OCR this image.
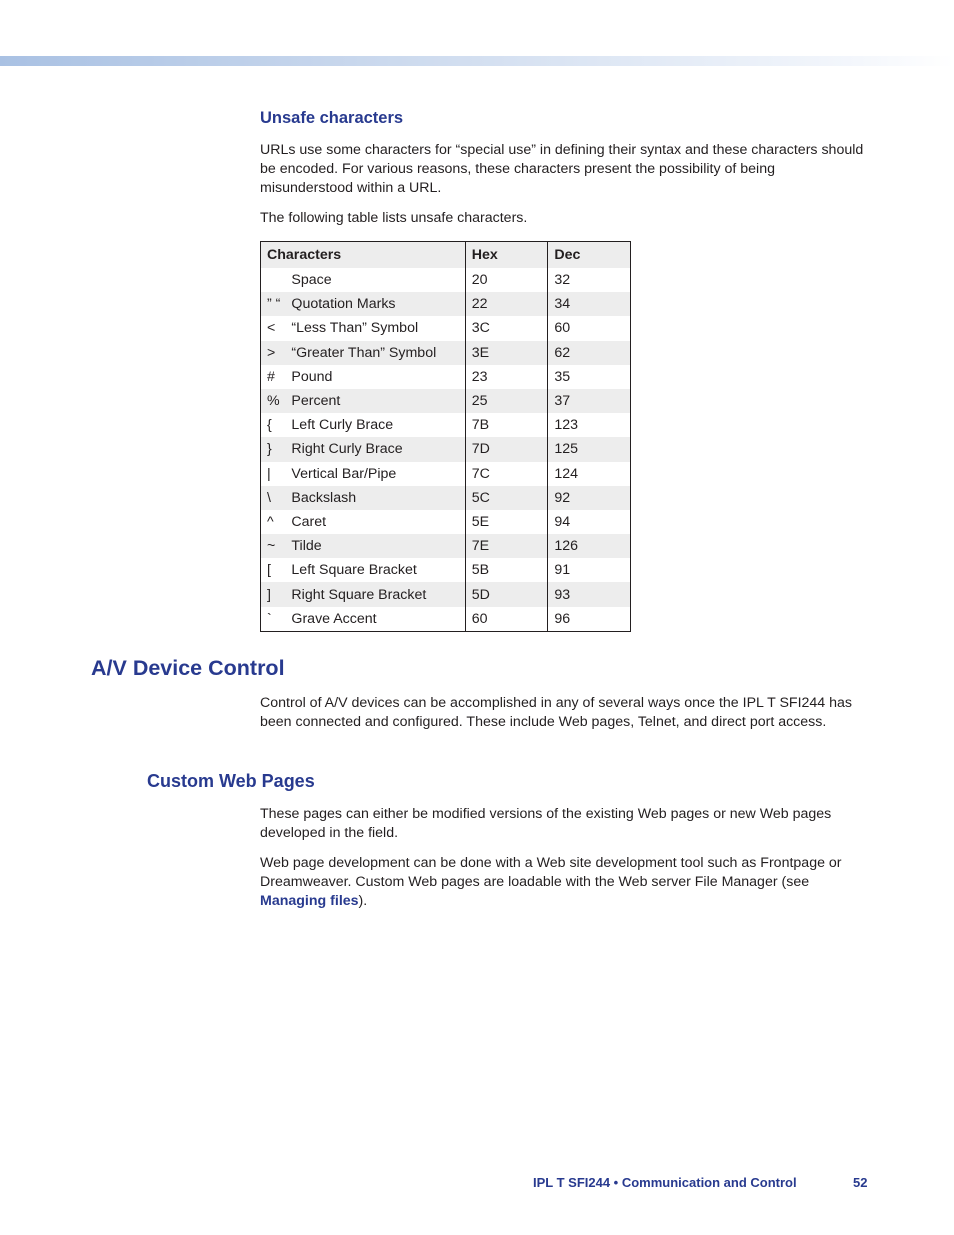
Unsafe characters

URLs use some characters for “special use” in defining their syntax and these characters should be encoded. For various reasons, these characters present the possibility of being misunderstood within a URL.

The following table lists unsafe characters.

Characters		Hex	Dec
	Space	20	32
” “	Quotation Marks	22	34
<	“Less Than” Symbol	3C	60
>	“Greater Than” Symbol	3E	62
#	Pound	23	35
%	Percent	25	37
{	Left Curly Brace	7B	123
}	Right Curly Brace	7D	125
|	Vertical Bar/Pipe	7C	124
\	Backslash	5C	92
^	Caret	5E	94
~	Tilde	7E	126
[	Left Square Bracket	5B	91
]	Right Square Bracket	5D	93
`	Grave Accent	60	96
A/V Device Control

Control of A/V devices can be accomplished in any of several ways once the IPL T SFI244 has been connected and configured. These include Web pages, Telnet, and direct port access.

Custom Web Pages

These pages can either be modified versions of the existing Web pages or new Web pages developed in the field.

Web page development can be done with a Web site development tool such as Frontpage or Dreamweaver. Custom Web pages are loadable with the Web server File Manager (see Managing files).

IPL T SFI244 • Communication and Control	52
